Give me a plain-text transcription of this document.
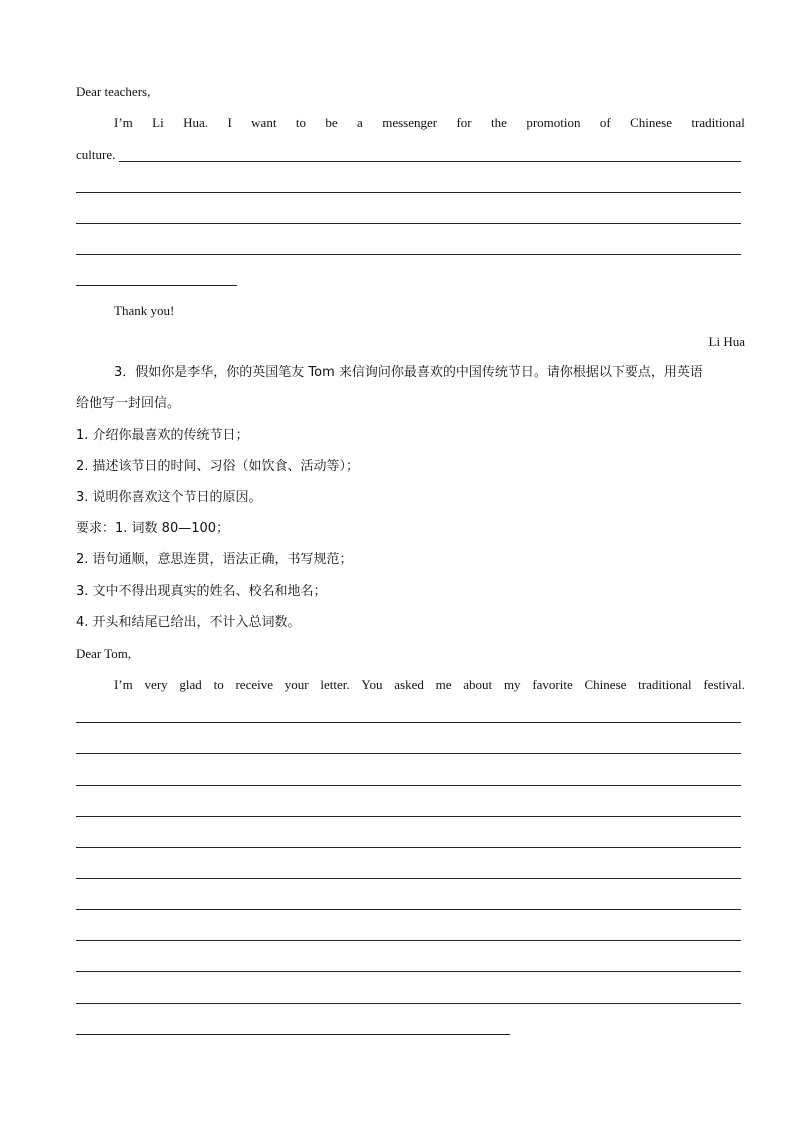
Dear teachers,
I’m Li Hua. I want to be a messenger for the promotion of Chinese traditional
culture.
Thank you!
Li Hua
3．假如你是李华，你的英国笔友 Tom 来信询问你最喜欢的中国传统节日。请你根据以下要点，用英语
给他写一封回信。
1. 介绍你最喜欢的传统节日；
2. 描述该节日的时间、习俗（如饮食、活动等）；
3. 说明你喜欢这个节日的原因。
要求：1. 词数 80—100；
2. 语句通顺，意思连贯，语法正确，书写规范；
3. 文中不得出现真实的姓名、校名和地名；
4. 开头和结尾已给出，不计入总词数。
Dear Tom,
I’m very glad to receive your letter. You asked me about my favorite Chinese traditional festival.
